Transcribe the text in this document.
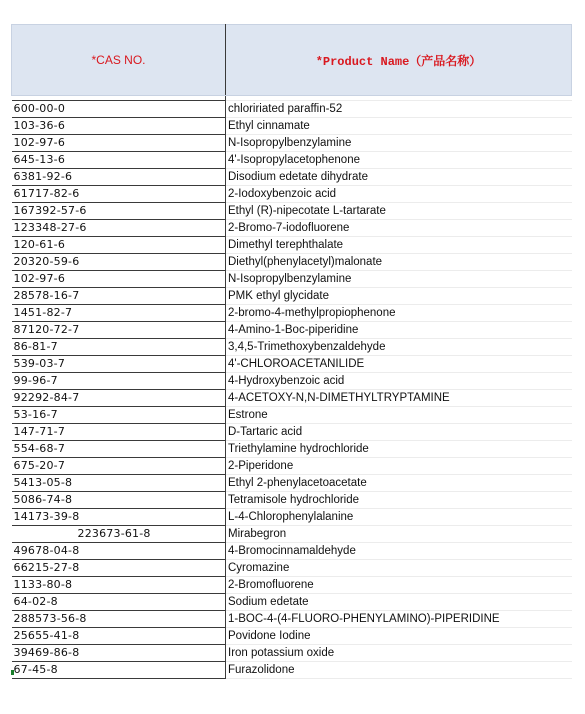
*CAS NO.	*Product Name（产品名称）

600-00-0	chloririated paraffin-52
103-36-6	Ethyl cinnamate
102-97-6	N-Isopropylbenzylamine
645-13-6	4'-Isopropylacetophenone
6381-92-6	Disodium edetate dihydrate
61717-82-6	2-Iodoxybenzoic acid
167392-57-6	Ethyl (R)-nipecotate L-tartarate
123348-27-6	2-Bromo-7-iodofluorene
120-61-6	Dimethyl terephthalate
20320-59-6	Diethyl(phenylacetyl)malonate
102-97-6	N-Isopropylbenzylamine
28578-16-7	PMK ethyl glycidate
1451-82-7	2-bromo-4-methylpropiophenone
87120-72-7	4-Amino-1-Boc-piperidine
86-81-7	3,4,5-Trimethoxybenzaldehyde
539-03-7	4'-CHLOROACETANILIDE
99-96-7	4-Hydroxybenzoic acid
92292-84-7	4-ACETOXY-N,N-DIMETHYLTRYPTAMINE
53-16-7	Estrone
147-71-7	D-Tartaric acid
554-68-7	Triethylamine hydrochloride
675-20-7	2-Piperidone
5413-05-8	Ethyl 2-phenylacetoacetate
5086-74-8	Tetramisole hydrochloride
14173-39-8	L-4-Chlorophenylalanine
223673-61-8	Mirabegron
49678-04-8	4-Bromocinnamaldehyde
66215-27-8	Cyromazine
1133-80-8	2-Bromofluorene
64-02-8	Sodium edetate
288573-56-8	1-BOC-4-(4-FLUORO-PHENYLAMINO)-PIPERIDINE
25655-41-8	Povidone Iodine
39469-86-8	Iron potassium oxide
67-45-8	Furazolidone
